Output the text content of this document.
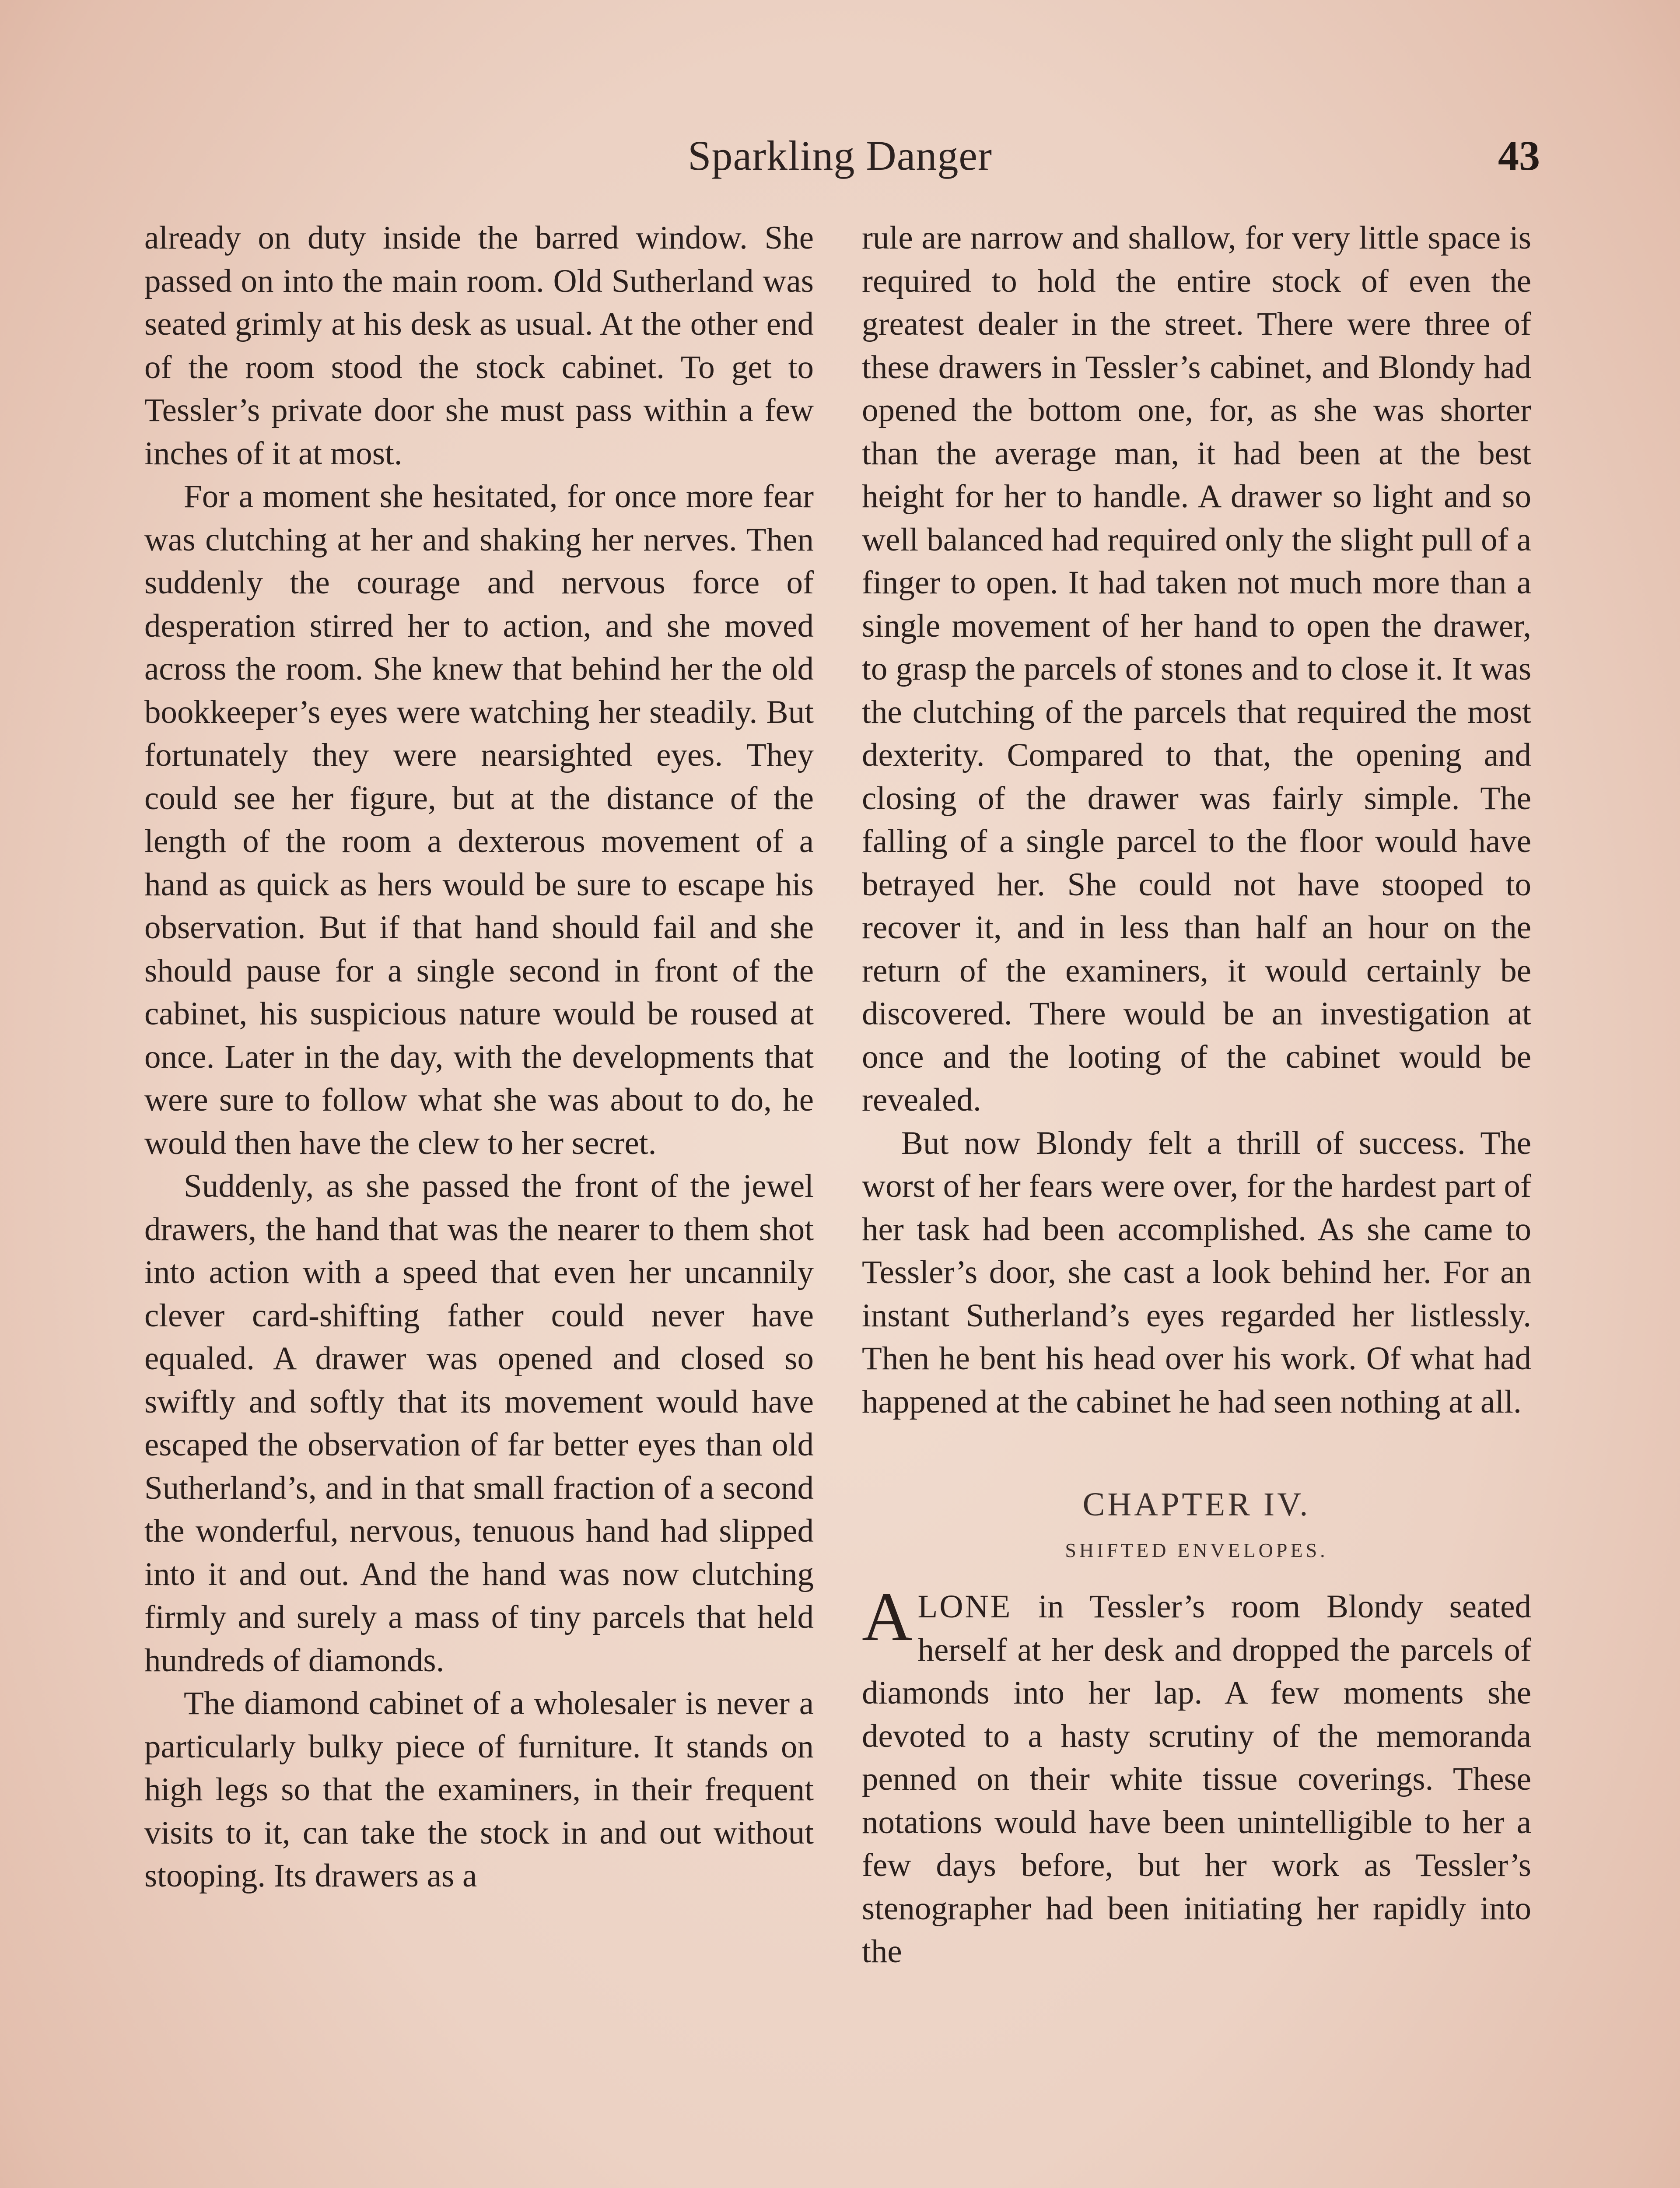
Sparkling Danger	43

already on duty inside the barred window. She passed on into the main room. Old Sutherland was seated grimly at his desk as usual. At the other end of the room stood the stock cabinet. To get to Tessler’s private door she must pass within a few inches of it at most.

For a moment she hesitated, for once more fear was clutching at her and shaking her nerves. Then suddenly the courage and nervous force of desperation stirred her to action, and she moved across the room. She knew that behind her the old bookkeeper’s eyes were watching her steadily. But fortunately they were nearsighted eyes. They could see her figure, but at the distance of the length of the room a dexterous movement of a hand as quick as hers would be sure to escape his observation. But if that hand should fail and she should pause for a single second in front of the cabinet, his suspicious nature would be roused at once. Later in the day, with the developments that were sure to follow what she was about to do, he would then have the clew to her secret.

Suddenly, as she passed the front of the jewel drawers, the hand that was the nearer to them shot into action with a speed that even her uncannily clever card-shifting father could never have equaled. A drawer was opened and closed so swiftly and softly that its movement would have escaped the observation of far better eyes than old Sutherland’s, and in that small fraction of a second the wonderful, nervous, tenuous hand had slipped into it and out. And the hand was now clutching firmly and surely a mass of tiny parcels that held hundreds of diamonds.

The diamond cabinet of a wholesaler is never a particularly bulky piece of furniture. It stands on high legs so that the examiners, in their frequent visits to it, can take the stock in and out without stooping. Its drawers as a

rule are narrow and shallow, for very little space is required to hold the entire stock of even the greatest dealer in the street. There were three of these drawers in Tessler’s cabinet, and Blondy had opened the bottom one, for, as she was shorter than the average man, it had been at the best height for her to handle. A drawer so light and so well balanced had required only the slight pull of a finger to open. It had taken not much more than a single movement of her hand to open the drawer, to grasp the parcels of stones and to close it. It was the clutching of the parcels that required the most dexterity. Compared to that, the opening and closing of the drawer was fairly simple. The falling of a single parcel to the floor would have betrayed her. She could not have stooped to recover it, and in less than half an hour on the return of the examiners, it would certainly be discovered. There would be an investigation at once and the looting of the cabinet would be revealed.

But now Blondy felt a thrill of success. The worst of her fears were over, for the hardest part of her task had been accomplished. As she came to Tessler’s door, she cast a look behind her. For an instant Sutherland’s eyes regarded her listlessly. Then he bent his head over his work. Of what had happened at the cabinet he had seen nothing at all.

CHAPTER IV.
SHIFTED ENVELOPES.

ALONE in Tessler’s room Blondy seated herself at her desk and dropped the parcels of diamonds into her lap. A few moments she devoted to a hasty scrutiny of the memoranda penned on their white tissue coverings. These notations would have been unintelligible to her a few days before, but her work as Tessler’s stenographer had been initiating her rapidly into the
